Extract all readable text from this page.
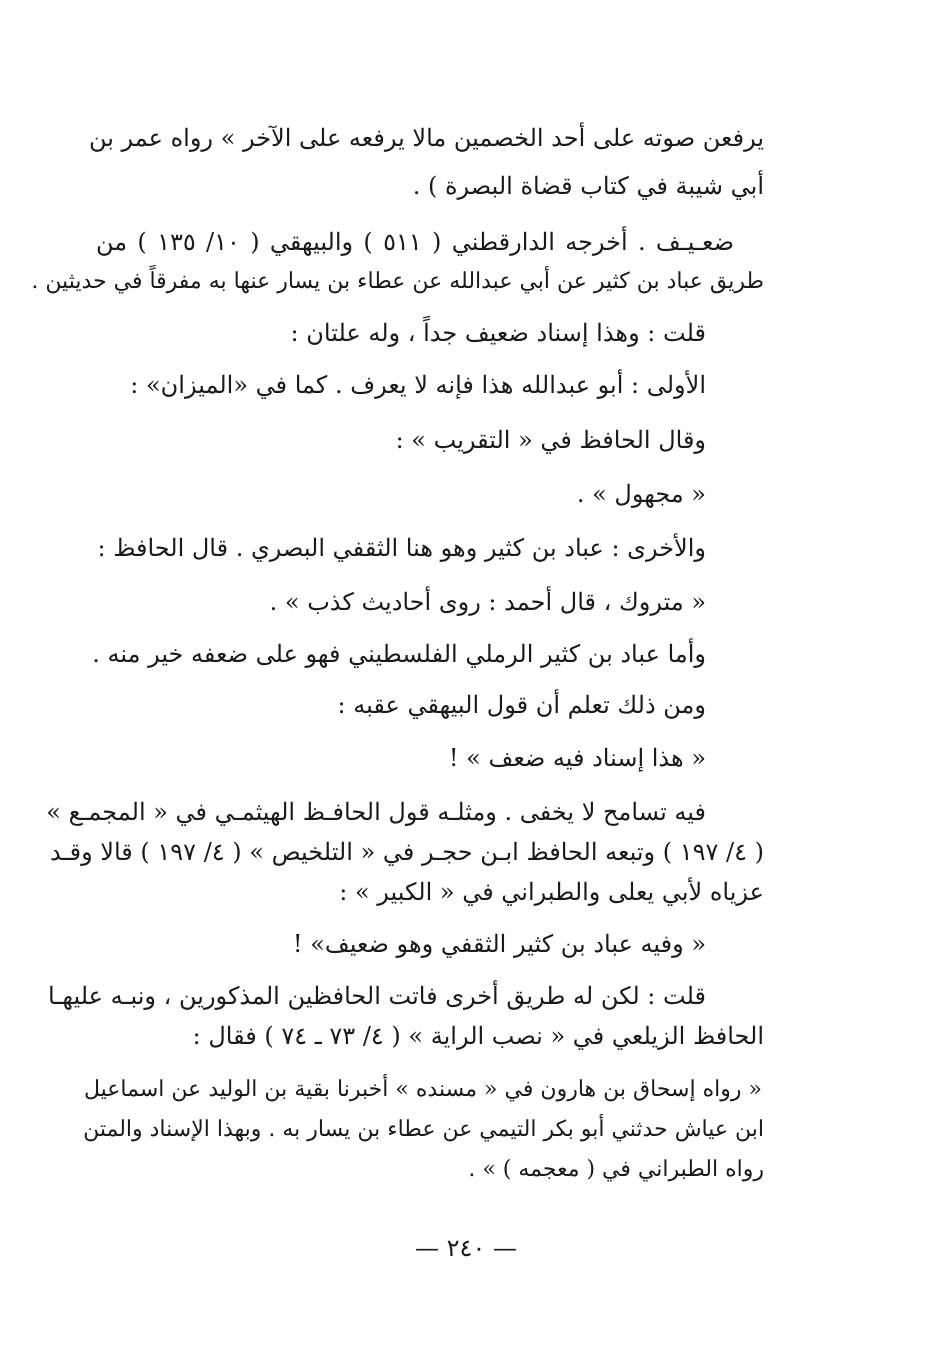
يرفعن صوته على أحد الخصمين مالا يرفعه على الآخر » رواه عمر بن
أبي شيبة في كتاب قضاة البصرة ) .
ضعـيـف . أخرجه الدارقطني ( ٥١١ ) والبيهقي ( ١٠/ ١٣٥ ) من
طريق عباد بن كثير عن أبي عبدالله عن عطاء بن يسار عنها به مفرقاً في حديثين .
قلت : وهذا إسناد ضعيف جداً ، وله علتان :
الأولى : أبو عبدالله هذا فإنه لا يعرف . كما في «الميزان» :
وقال الحافظ في « التقريب » :
« مجهول » .
والأخرى : عباد بن كثير وهو هنا الثقفي البصري . قال الحافظ :
« متروك ، قال أحمد : روى أحاديث كذب » .
وأما عباد بن كثير الرملي الفلسطيني فهو على ضعفه خير منه .
ومن ذلك تعلم أن قول البيهقي عقبه :
« هذا إسناد فيه ضعف » !
فيه تسامح لا يخفى . ومثلـه قول الحافـظ الهيثمـي في « المجمـع »
( ٤/ ١٩٧ ) وتبعه الحافظ ابـن حجـر في « التلخيص » ( ٤/ ١٩٧ ) قالا وقـد
عزياه لأبي يعلى والطبراني في « الكبير » :
« وفيه عباد بن كثير الثقفي وهو ضعيف» !
قلت : لكن له طريق أخرى فاتت الحافظين المذكورين ، ونبـه عليهـا
الحافظ الزيلعي في « نصب الراية » ( ٤/ ٧٣ ـ ٧٤ ) فقال :
« رواه إسحاق بن هارون في « مسنده » أخبرنا بقية بن الوليد عن اسماعيل
ابن عياش حدثني أبو بكر التيمي عن عطاء بن يسار به . وبهذا الإسناد والمتن
رواه الطبراني في ( معجمه ) » .
— ٢٤٠ —
